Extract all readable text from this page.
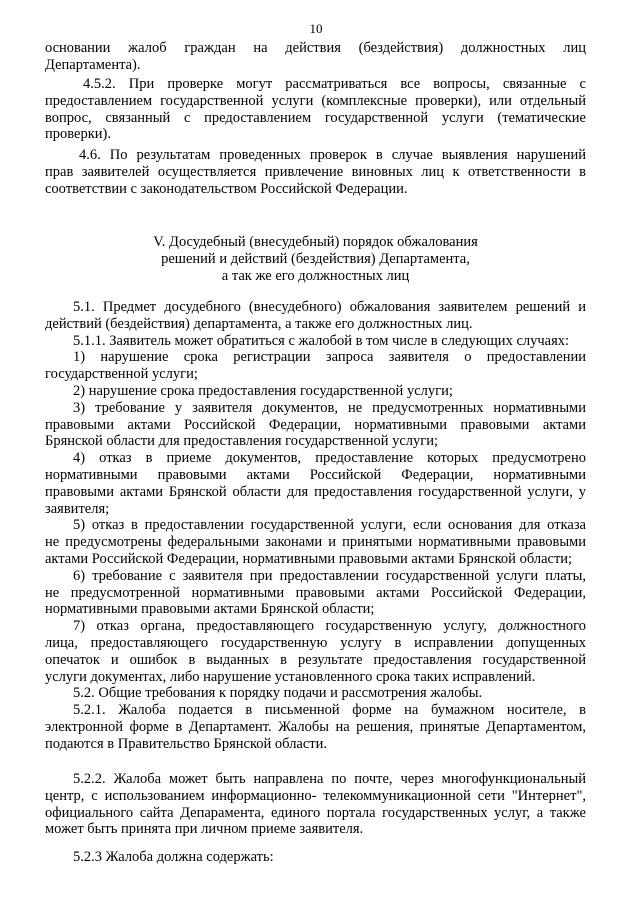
10
основании жалоб граждан на действия (бездействия) должностных лиц
Департамента).
4.5.2. При проверке могут рассматриваться все вопросы, связанные с
предоставлением государственной услуги (комплексные проверки), или отдельный
вопрос, связанный с предоставлением государственной услуги (тематические
проверки).
4.6. По результатам проведенных проверок в случае выявления нарушений
прав заявителей осуществляется привлечение виновных лиц к ответственности в
соответствии с законодательством Российской Федерации.
V. Досудебный (внесудебный) порядок обжалования
решений и действий (бездействия) Департамента,
а так же его должностных лиц
5.1. Предмет досудебного (внесудебного) обжалования заявителем решений и
действий (бездействия) департамента, а также его должностных лиц.
5.1.1. Заявитель может обратиться с жалобой в том числе в следующих случаях:
1) нарушение срока регистрации запроса заявителя о предоставлении
государственной услуги;
2) нарушение срока предоставления государственной услуги;
3) требование у заявителя документов, не предусмотренных нормативными
правовыми актами Российской Федерации, нормативными правовыми актами
Брянской области для предоставления государственной услуги;
4) отказ в приеме документов, предоставление которых предусмотрено
нормативными правовыми актами Российской Федерации, нормативными
правовыми актами Брянской области для предоставления государственной услуги, у
заявителя;
5) отказ в предоставлении государственной услуги, если основания для отказа
не предусмотрены федеральными законами и принятыми нормативными правовыми
актами Российской Федерации, нормативными правовыми актами Брянской области;
6) требование с заявителя при предоставлении государственной услуги платы,
не предусмотренной нормативными правовыми актами Российской Федерации,
нормативными правовыми актами Брянской области;
7) отказ органа, предоставляющего государственную услугу, должностного
лица, предоставляющего государственную услугу в исправлении допущенных
опечаток и ошибок в выданных в результате предоставления государственной
услуги документах, либо нарушение установленного срока таких исправлений.
5.2. Общие требования к порядку подачи и рассмотрения жалобы.
5.2.1. Жалоба подается в письменной форме на бумажном носителе, в
электронной форме в Департамент. Жалобы на решения, принятые Департаментом,
подаются в Правительство Брянской области.
5.2.2. Жалоба может быть направлена по почте, через многофункциональный
центр, с использованием информационно- телекоммуникационной сети "Интернет",
официального сайта Депарамента, единого портала государственных услуг, а также
может быть принята при личном приеме заявителя.
5.2.3 Жалоба должна содержать:
